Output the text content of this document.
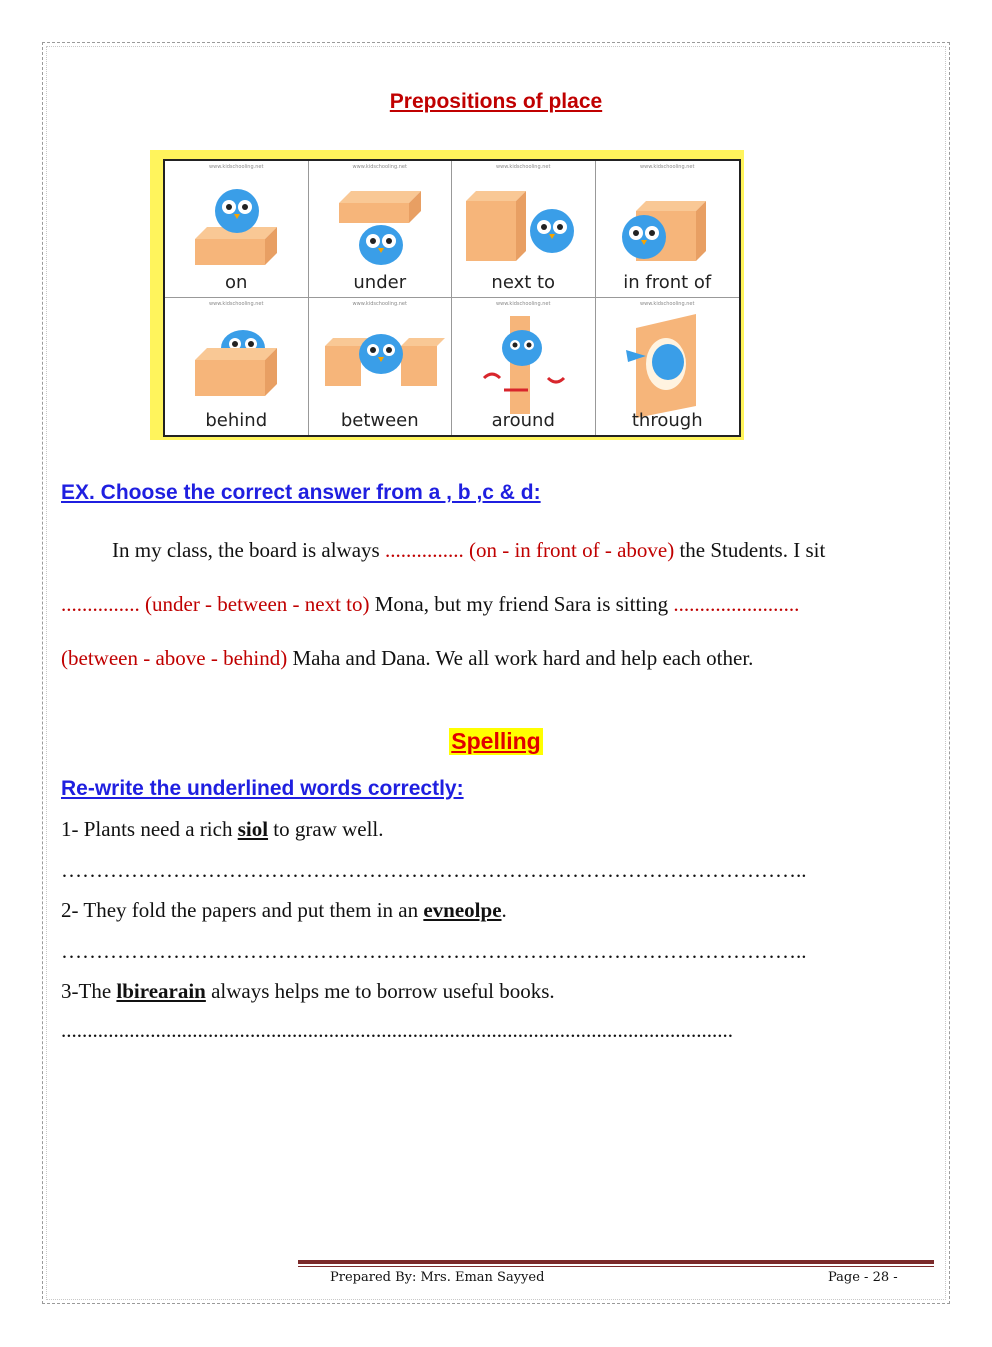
Prepositions of place
www.kidschooling.net
on
www.kidschooling.net
under
www.kidschooling.net
next to
www.kidschooling.net
in front of
www.kidschooling.net
behind
www.kidschooling.net
between
www.kidschooling.net
around
www.kidschooling.net
through
EX. Choose the correct answer from a , b ,c & d:
In my class, the board is always ............... (on - in front of - above) the Students. I sit
............... (under - between - next to) Mona, but my friend Sara is sitting ........................
(between - above - behind) Maha and Dana. We all work hard and help each other.
Spelling
Re-write the underlined words correctly:
1- Plants need a rich siol to graw well.
……………………………………………………………………………………………..
2- They fold the papers and put them in an evneolpe.
……………………………………………………………………………………………..
3-The lbirearain always helps me to borrow useful books.
................................................................................................................................
Prepared By: Mrs. Eman Sayyed	Page - 28 -
